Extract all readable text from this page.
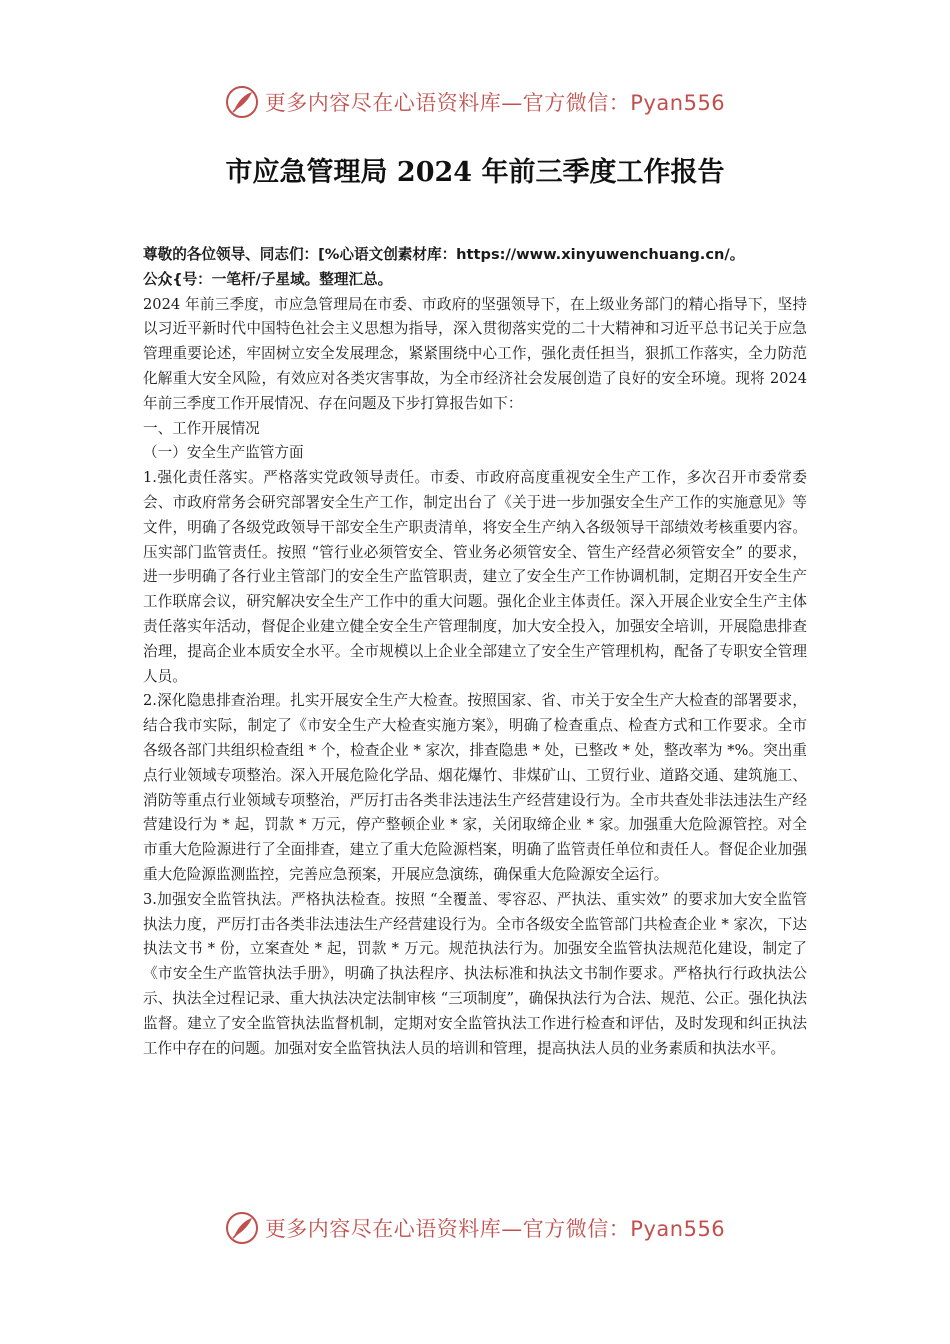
更多内容尽在心语资料库—官方微信：Pyan556
市应急管理局 2024 年前三季度工作报告

尊敬的各位领导、同志们：[%心语文创素材库：https://www.xinyuwenchuang.cn/。

公众{号：一笔杆/子星域。整理汇总。

2024 年前三季度，市应急管理局在市委、市政府的坚强领导下，在上级业务部门的精心指导下，坚持以习近平新时代中国特色社会主义思想为指导，深入贯彻落实党的二十大精神和习近平总书记关于应急管理重要论述，牢固树立安全发展理念，紧紧围绕中心工作，强化责任担当，狠抓工作落实，全力防范化解重大安全风险，有效应对各类灾害事故，为全市经济社会发展创造了良好的安全环境。现将 2024 年前三季度工作开展情况、存在问题及下步打算报告如下：

一、工作开展情况

（一）安全生产监管方面

1.强化责任落实。严格落实党政领导责任。市委、市政府高度重视安全生产工作，多次召开市委常委会、市政府常务会研究部署安全生产工作，制定出台了《关于进一步加强安全生产工作的实施意见》等文件，明确了各级党政领导干部安全生产职责清单，将安全生产纳入各级领导干部绩效考核重要内容。压实部门监管责任。按照 “管行业必须管安全、管业务必须管安全、管生产经营必须管安全” 的要求，进一步明确了各行业主管部门的安全生产监管职责，建立了安全生产工作协调机制，定期召开安全生产工作联席会议，研究解决安全生产工作中的重大问题。强化企业主体责任。深入开展企业安全生产主体责任落实年活动，督促企业建立健全安全生产管理制度，加大安全投入，加强安全培训，开展隐患排查治理，提高企业本质安全水平。全市规模以上企业全部建立了安全生产管理机构，配备了专职安全管理人员。

2.深化隐患排查治理。扎实开展安全生产大检查。按照国家、省、市关于安全生产大检查的部署要求，结合我市实际，制定了《市安全生产大检查实施方案》，明确了检查重点、检查方式和工作要求。全市各级各部门共组织检查组 * 个，检查企业 * 家次，排查隐患 * 处，已整改 * 处，整改率为 *%。突出重点行业领域专项整治。深入开展危险化学品、烟花爆竹、非煤矿山、工贸行业、道路交通、建筑施工、消防等重点行业领域专项整治，严厉打击各类非法违法生产经营建设行为。全市共查处非法违法生产经营建设行为 * 起，罚款 * 万元，停产整顿企业 * 家，关闭取缔企业 * 家。加强重大危险源管控。对全市重大危险源进行了全面排查，建立了重大危险源档案，明确了监管责任单位和责任人。督促企业加强重大危险源监测监控，完善应急预案，开展应急演练，确保重大危险源安全运行。

3.加强安全监管执法。严格执法检查。按照 “全覆盖、零容忍、严执法、重实效” 的要求加大安全监管执法力度，严厉打击各类非法违法生产经营建设行为。全市各级安全监管部门共检查企业 * 家次，下达执法文书 * 份，立案查处 * 起，罚款 * 万元。规范执法行为。加强安全监管执法规范化建设，制定了《市安全生产监管执法手册》，明确了执法程序、执法标准和执法文书制作要求。严格执行行政执法公示、执法全过程记录、重大执法决定法制审核 “三项制度”，确保执法行为合法、规范、公正。强化执法监督。建立了安全监管执法监督机制，定期对安全监管执法工作进行检查和评估，及时发现和纠正执法工作中存在的问题。加强对安全监管执法人员的培训和管理，提高执法人员的业务素质和执法水平。

更多内容尽在心语资料库—官方微信：Pyan556
